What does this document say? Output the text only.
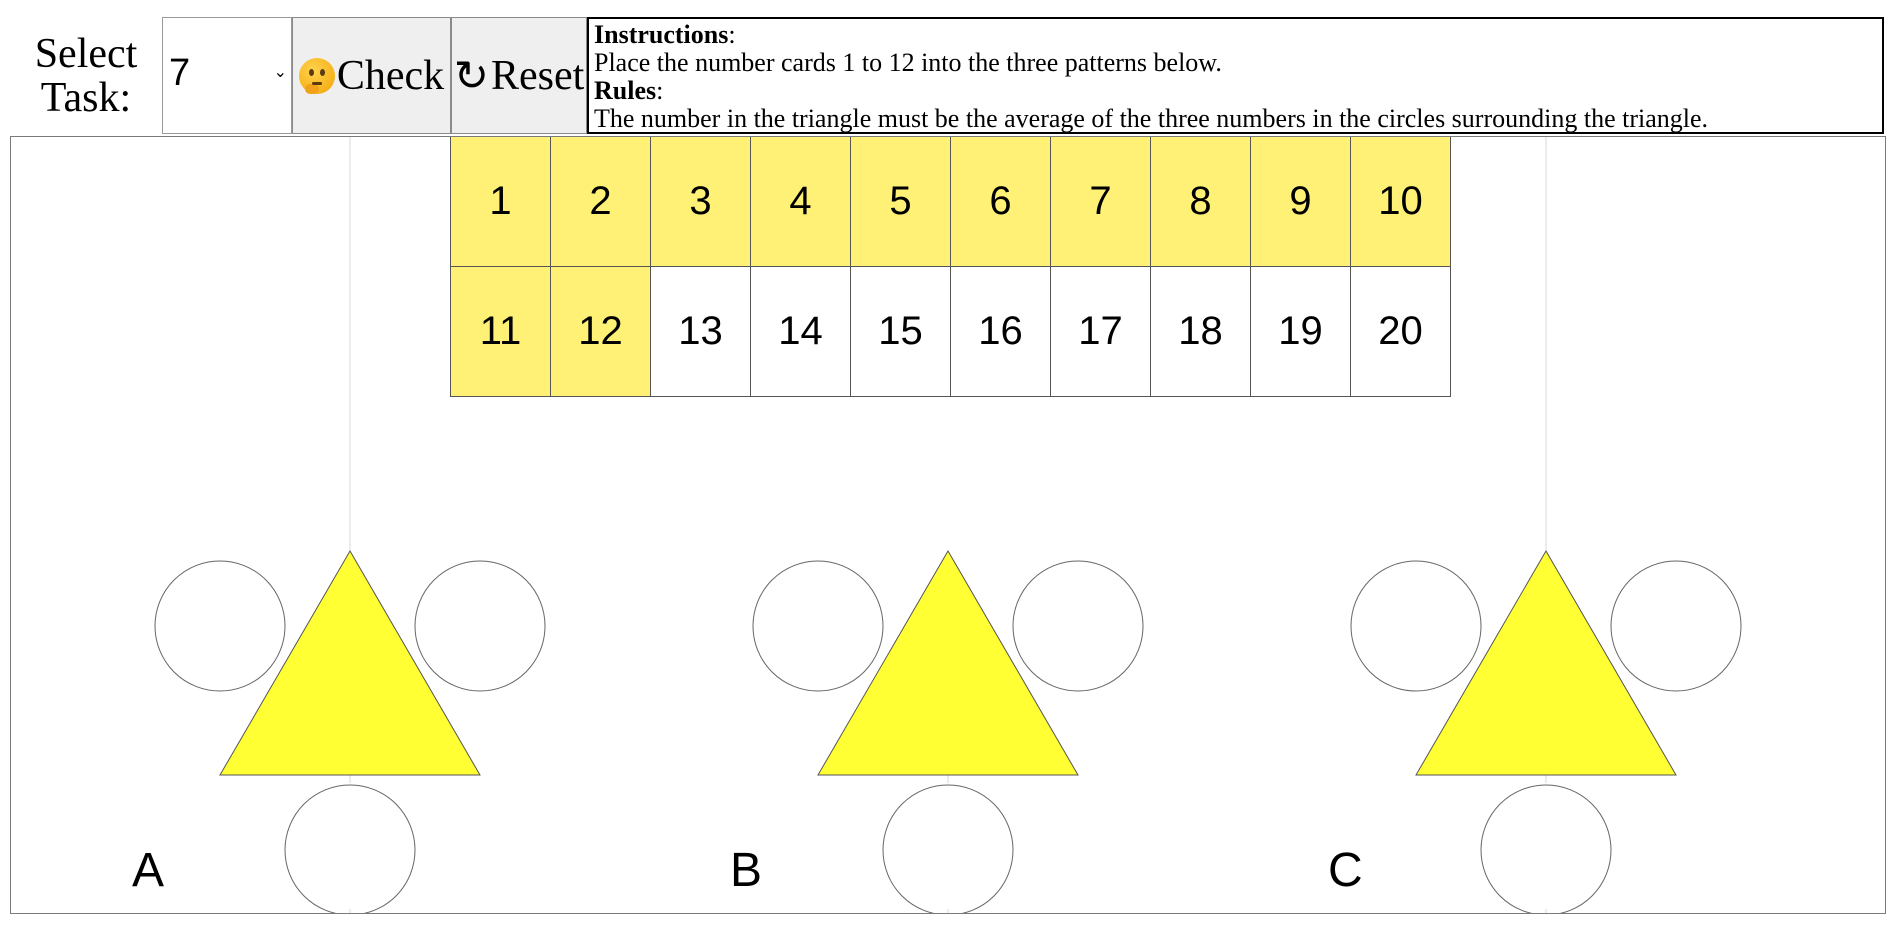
Select Task:
7	⌄ Check ↻ Reset
Instructions:
Place the number cards 1 to 12 into the three patterns below.
Rules:
The number in the triangle must be the average of the three numbers in the circles surrounding the triangle.
1	2	3	4	5	6	7	8	9	10
11	12	13	14	15	16	17	18	19	20
A	B	C
